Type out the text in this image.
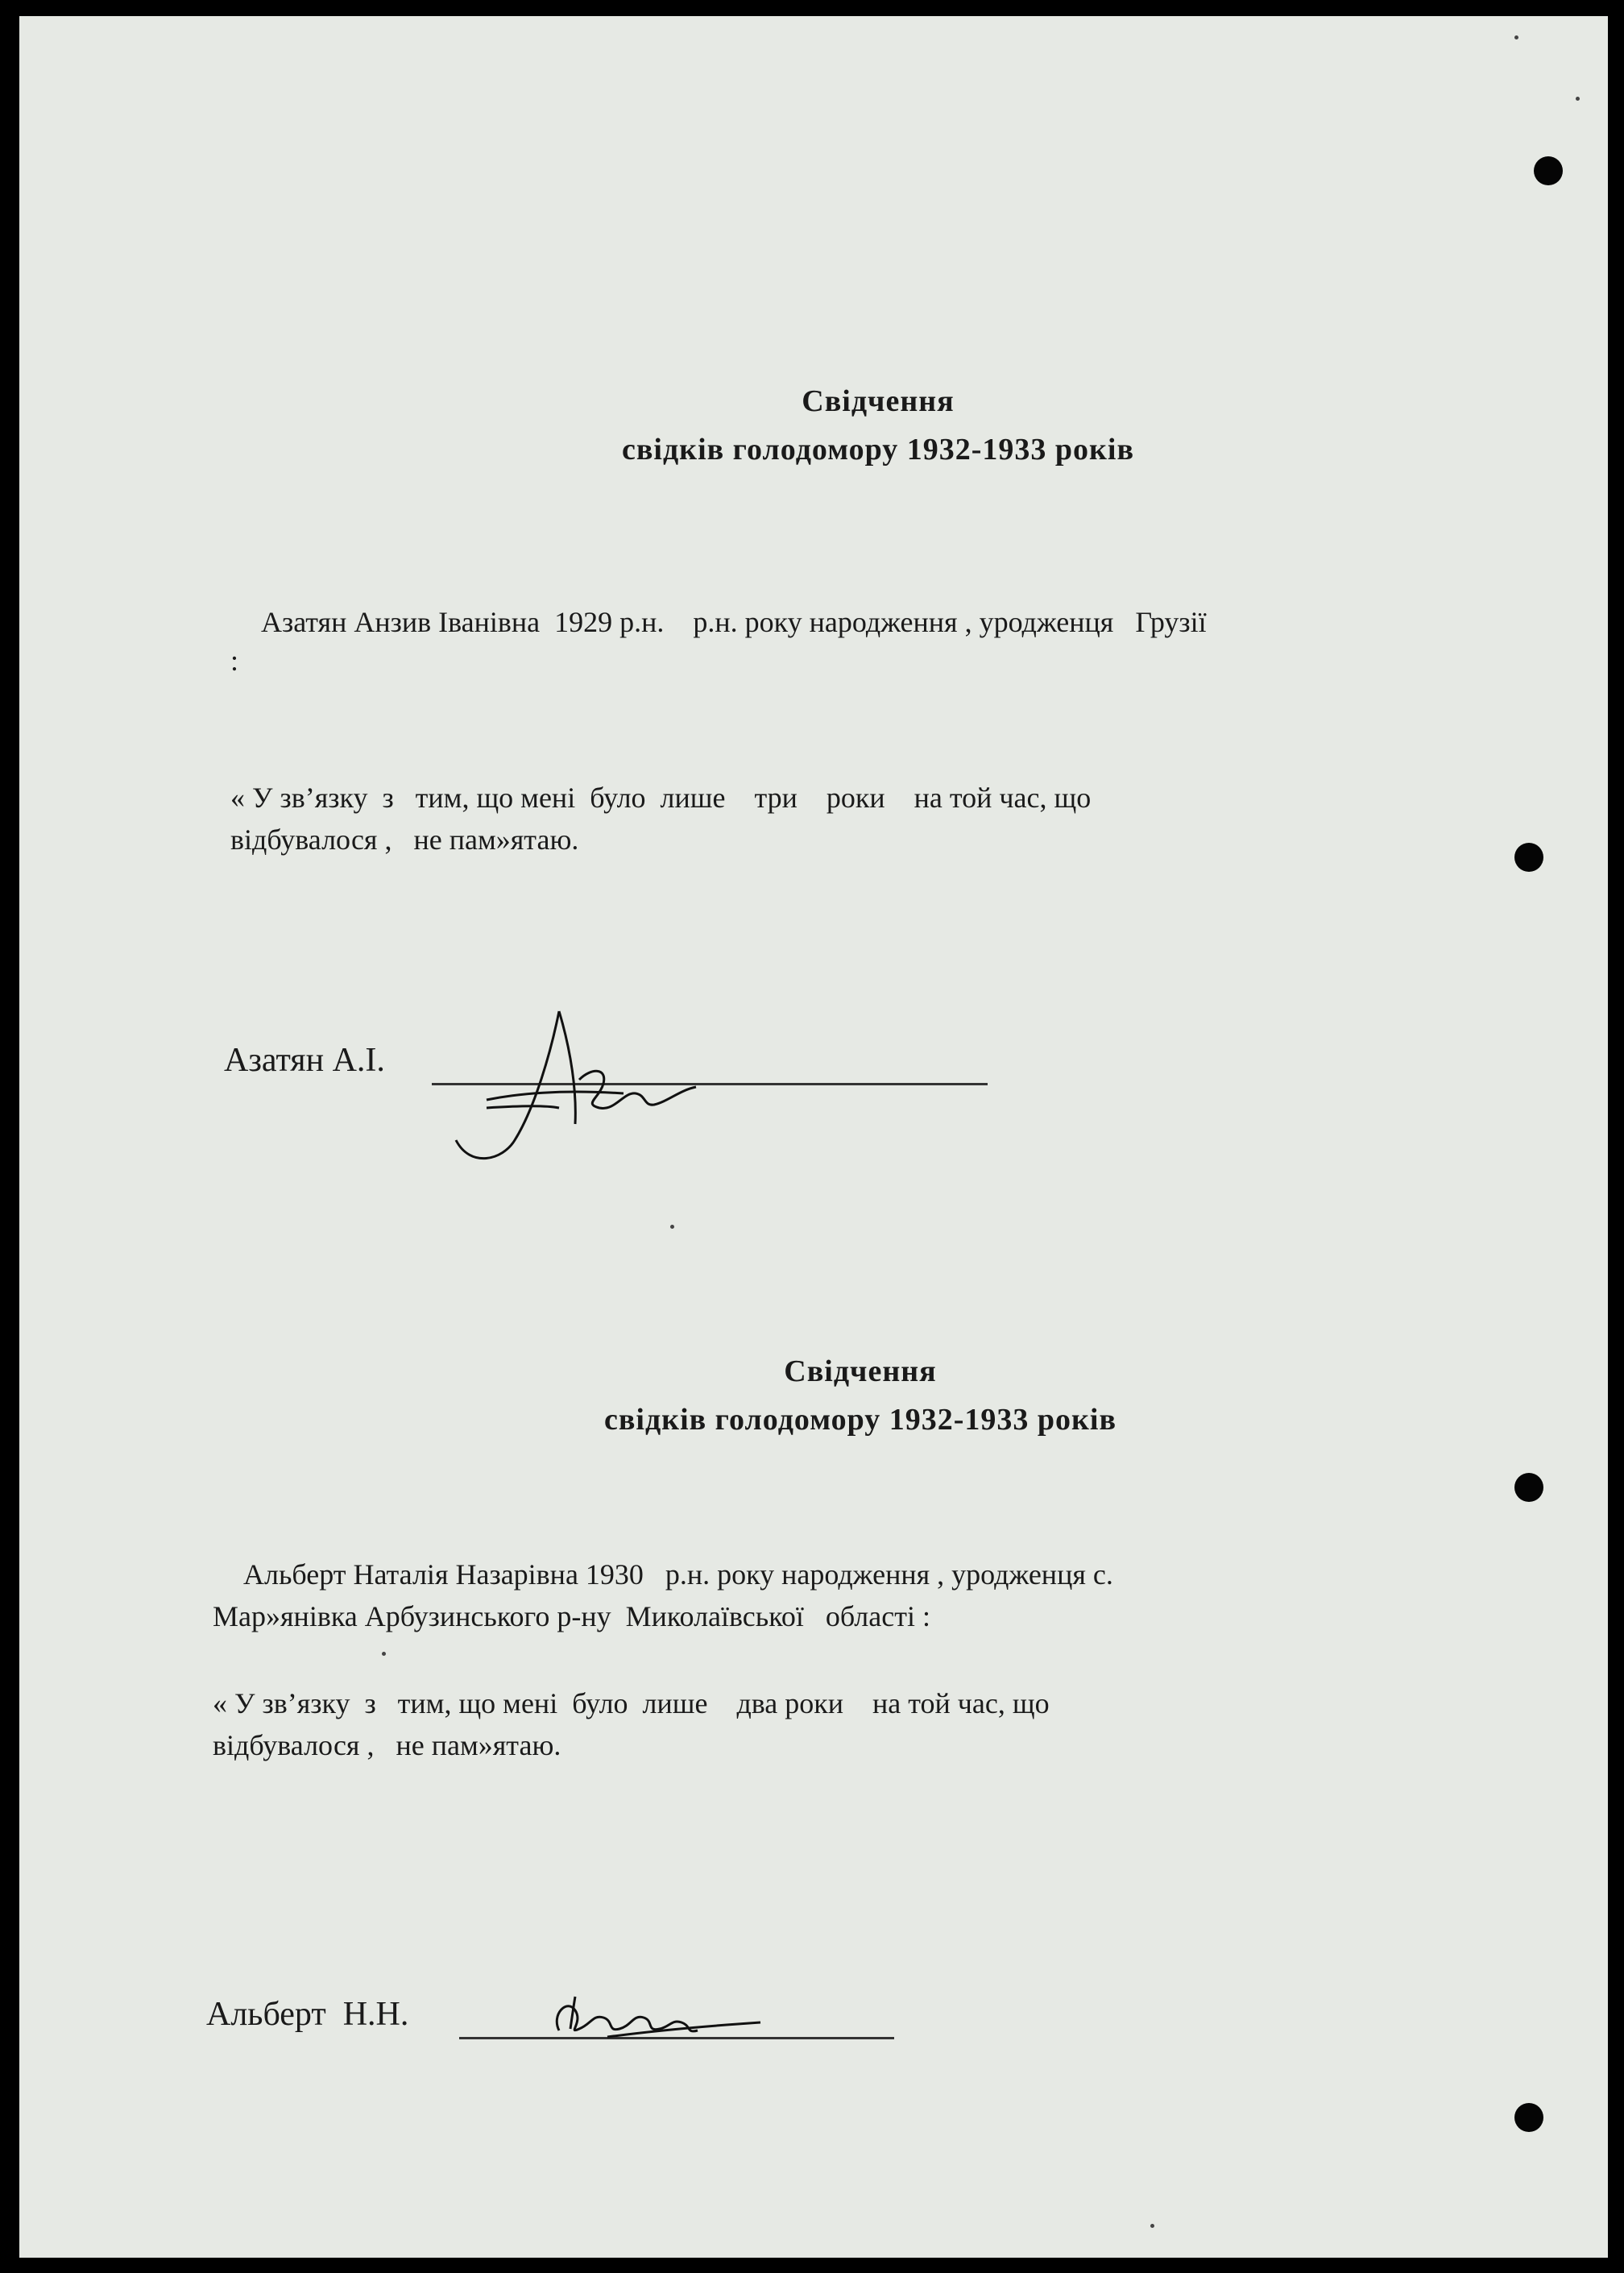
Свідчення
свідків голодомору 1932-1933 років
Азатян Анзив Іванівна  1929 р.н.    р.н. року народження , уродженця   Грузії
:
« У зв’язку  з   тим, що мені  було  лише    три    роки    на той час, що
відбувалося ,   не пам»ятаю.
Азатян А.І.
Свідчення
свідків голодомору 1932-1933 років
Альберт Наталія Назарівна 1930   р.н. року народження , уродженця с.
Мар»янівка Арбузинського р-ну  Миколаївської   області :
« У зв’язку  з   тим, що мені  було  лише    два роки    на той час, що
відбувалося ,   не пам»ятаю.
Альберт  Н.Н.
